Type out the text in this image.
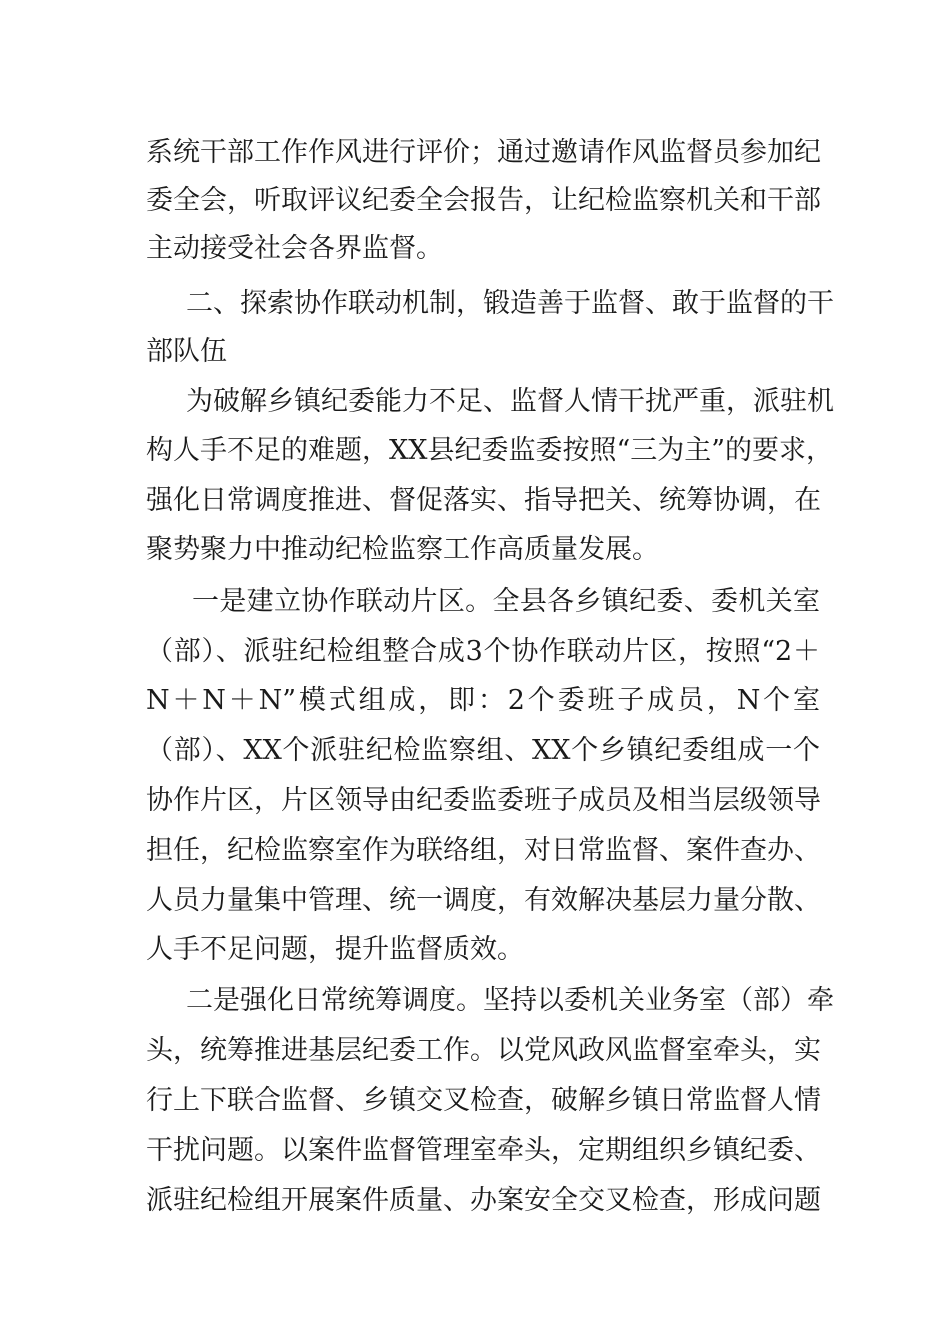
系统干部工作作风进行评价；通过邀请作风监督员参加纪
委全会，听取评议纪委全会报告，让纪检监察机关和干部
主动接受社会各界监督。
二、探索协作联动机制，锻造善于监督、敢于监督的干
部队伍
为破解乡镇纪委能力不足、监督人情干扰严重，派驻机
构人手不足的难题，XX县纪委监委按照“三为主”的要求，
强化日常调度推进、督促落实、指导把关、统筹协调，在
聚势聚力中推动纪检监察工作高质量发展。
一是建立协作联动片区。全县各乡镇纪委、委机关室
（部）、派驻纪检组整合成3个协作联动片区，按照“2＋
N＋N＋N”模式组成，即：2个委班子成员，N个室
（部）、XX个派驻纪检监察组、XX个乡镇纪委组成一个
协作片区，片区领导由纪委监委班子成员及相当层级领导
担任，纪检监察室作为联络组，对日常监督、案件查办、
人员力量集中管理、统一调度，有效解决基层力量分散、
人手不足问题，提升监督质效。
二是强化日常统筹调度。坚持以委机关业务室（部）牵
头，统筹推进基层纪委工作。以党风政风监督室牵头，实
行上下联合监督、乡镇交叉检查，破解乡镇日常监督人情
干扰问题。以案件监督管理室牵头，定期组织乡镇纪委、
派驻纪检组开展案件质量、办案安全交叉检查，形成问题
